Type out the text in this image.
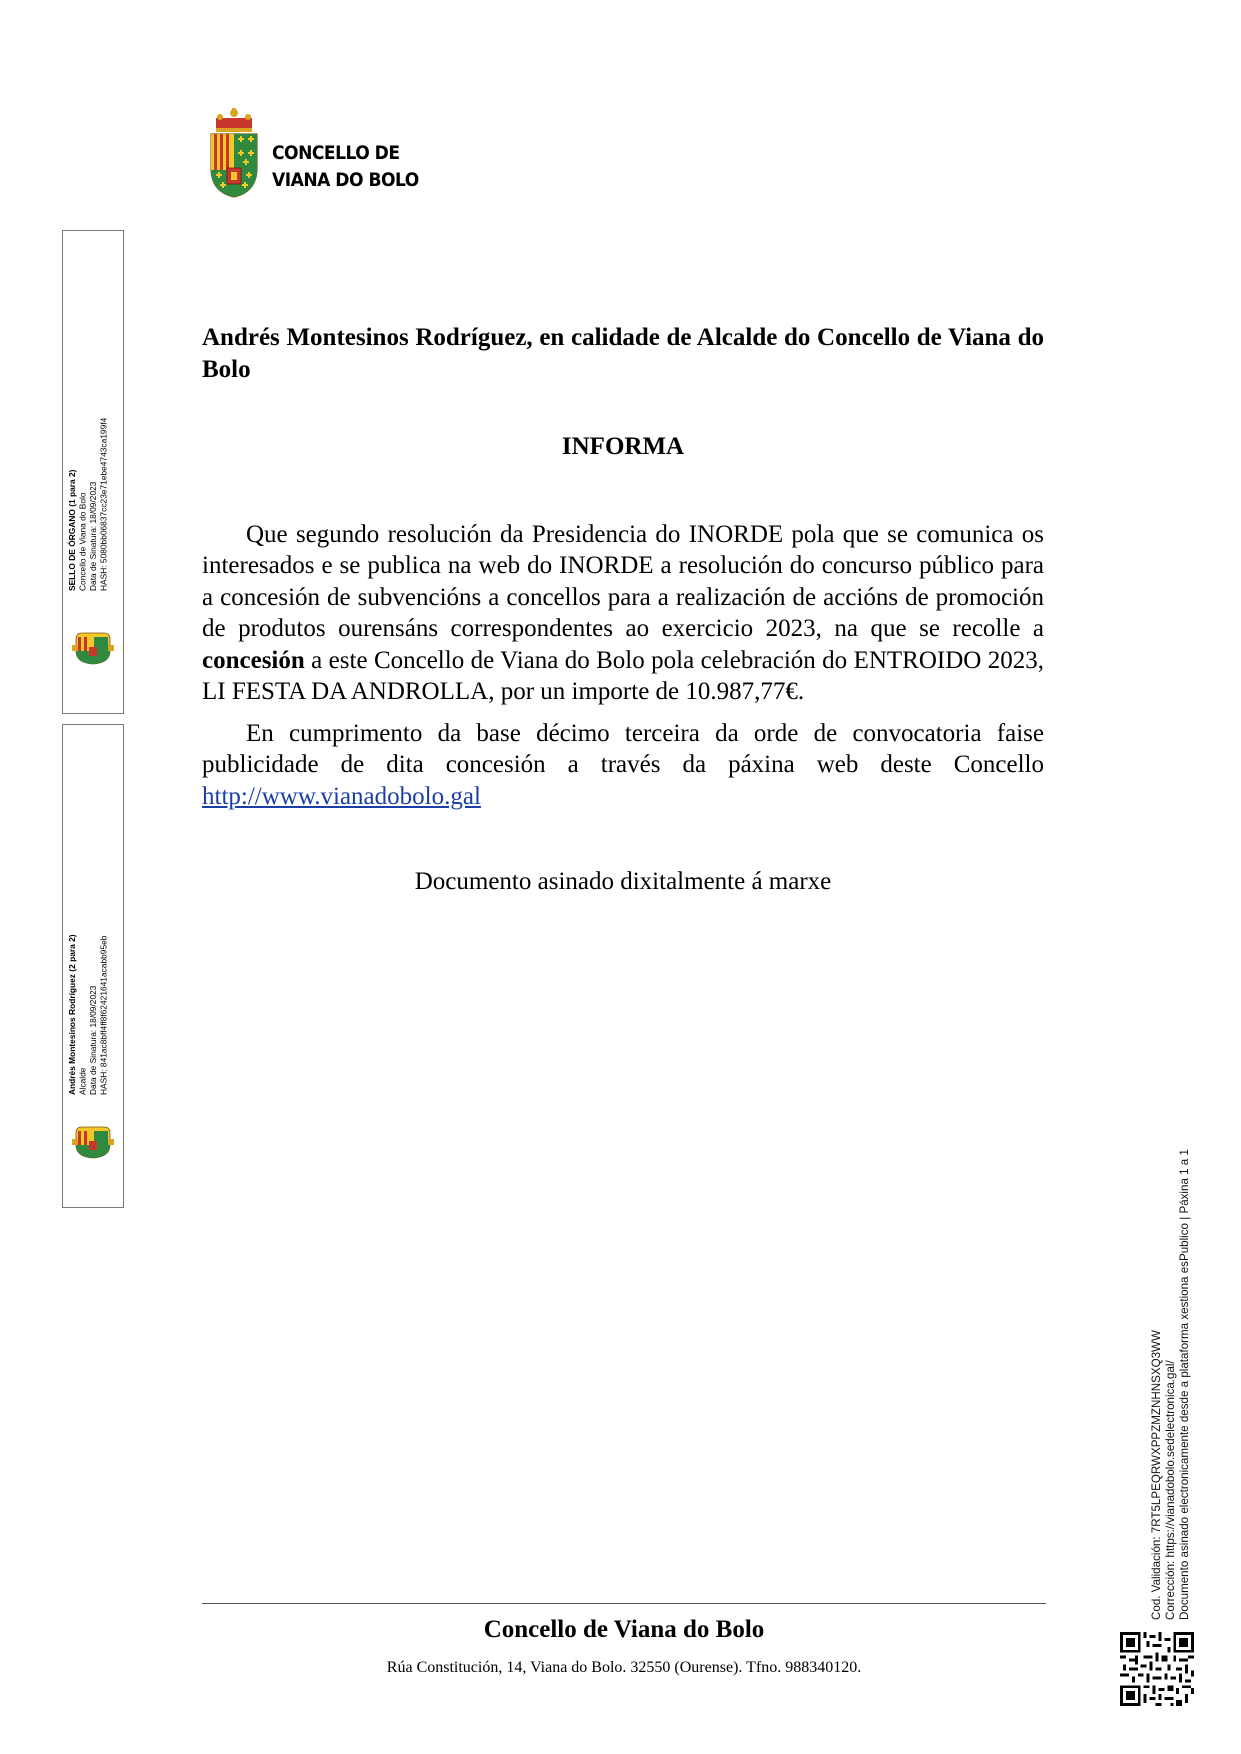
CONCELLO DE
VIANA DO BOLO
SELLO DE ÓRGANO (1 para 2) Concello de Viana do Bolo Data de Sinatura: 18/09/2023 HASH: 5080bb06837cc23e71ebe4743ca199f4
Andrés Montesinos Rodríguez (2 para 2) Alcalde Data de Sinatura: 18/09/2023 HASH: 841ac8bff4ff8f62421641acabb95eb

Andrés Montesinos Rodríguez, en calidade de Alcalde do Concello de Viana do Bolo

INFORMA

Que segundo resolución da Presidencia do INORDE pola que se comunica os interesados e se publica na web do INORDE a resolución do concurso público para a concesión de subvencións a concellos para a realización de accións de promoción de produtos ourensáns correspondentes ao exercicio 2023, na que se recolle a concesión a este Concello de Viana do Bolo pola celebración do ENTROIDO 2023, LI FESTA DA ANDROLLA, por un importe de 10.987,77€.

En cumprimento da base décimo terceira da orde de convocatoria faise publicidade de dita concesión a través da páxina web deste Concello http://www.vianadobolo.gal

Documento asinado dixitalmente á marxe

Concello de Viana do Bolo
Rúa Constitución, 14, Viana do Bolo. 32550 (Ourense). Tfno. 988340120.
Cod. Validación: 7RT5LPEQRWXPPZMZNHNSXQ3WW Corrección: https://vianadobolo.sedelectronica.gal/ Documento asinado electronicamente desde a plataforma xestiona esPublico | Páxina 1 a 1
